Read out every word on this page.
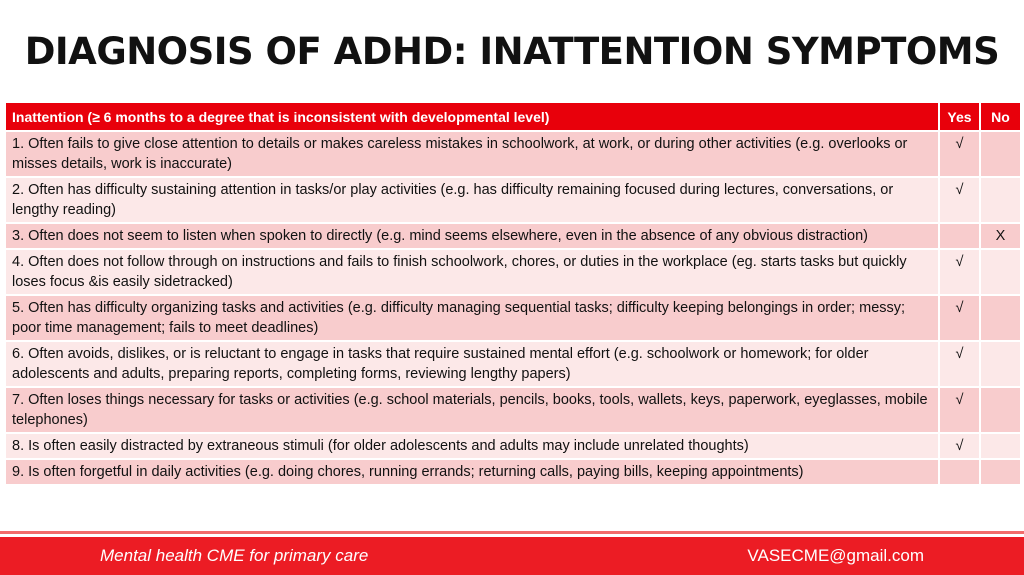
DIAGNOSIS OF ADHD: INATTENTION SYMPTOMS
Inattention (≥ 6 months to a degree that is inconsistent with developmental level)	Yes	No
1. Often fails to give close attention to details or makes careless mistakes in schoolwork, at work, or during other activities (e.g. overlooks or misses details, work is inaccurate)	√	
2. Often has difficulty sustaining attention in tasks/or play activities (e.g. has difficulty remaining focused during lectures, conversations, or lengthy reading)	√	
3. Often does not seem to listen when spoken to directly (e.g. mind seems elsewhere, even in the absence of any obvious distraction)		X
4. Often does not follow through on instructions and fails to finish schoolwork, chores, or duties in the workplace (eg. starts tasks but quickly loses focus &is easily sidetracked)	√	
5. Often has difficulty organizing tasks and activities (e.g. difficulty managing sequential tasks; difficulty keeping belongings in order; messy; poor time management; fails to meet deadlines)	√	
6. Often avoids, dislikes, or is reluctant to engage in tasks that require sustained mental effort (e.g. schoolwork or homework; for older adolescents and adults, preparing reports, completing forms, reviewing lengthy papers)	√	
7. Often loses things necessary for tasks or activities (e.g. school materials, pencils, books, tools, wallets, keys, paperwork, eyeglasses, mobile telephones)	√	
8. Is often easily distracted by extraneous stimuli (for older adolescents and adults may include unrelated thoughts)	√	
9. Is often forgetful in daily activities (e.g. doing chores, running errands; returning calls, paying bills, keeping appointments)		
Mental health CME for primary care	VASECME@gmail.com
